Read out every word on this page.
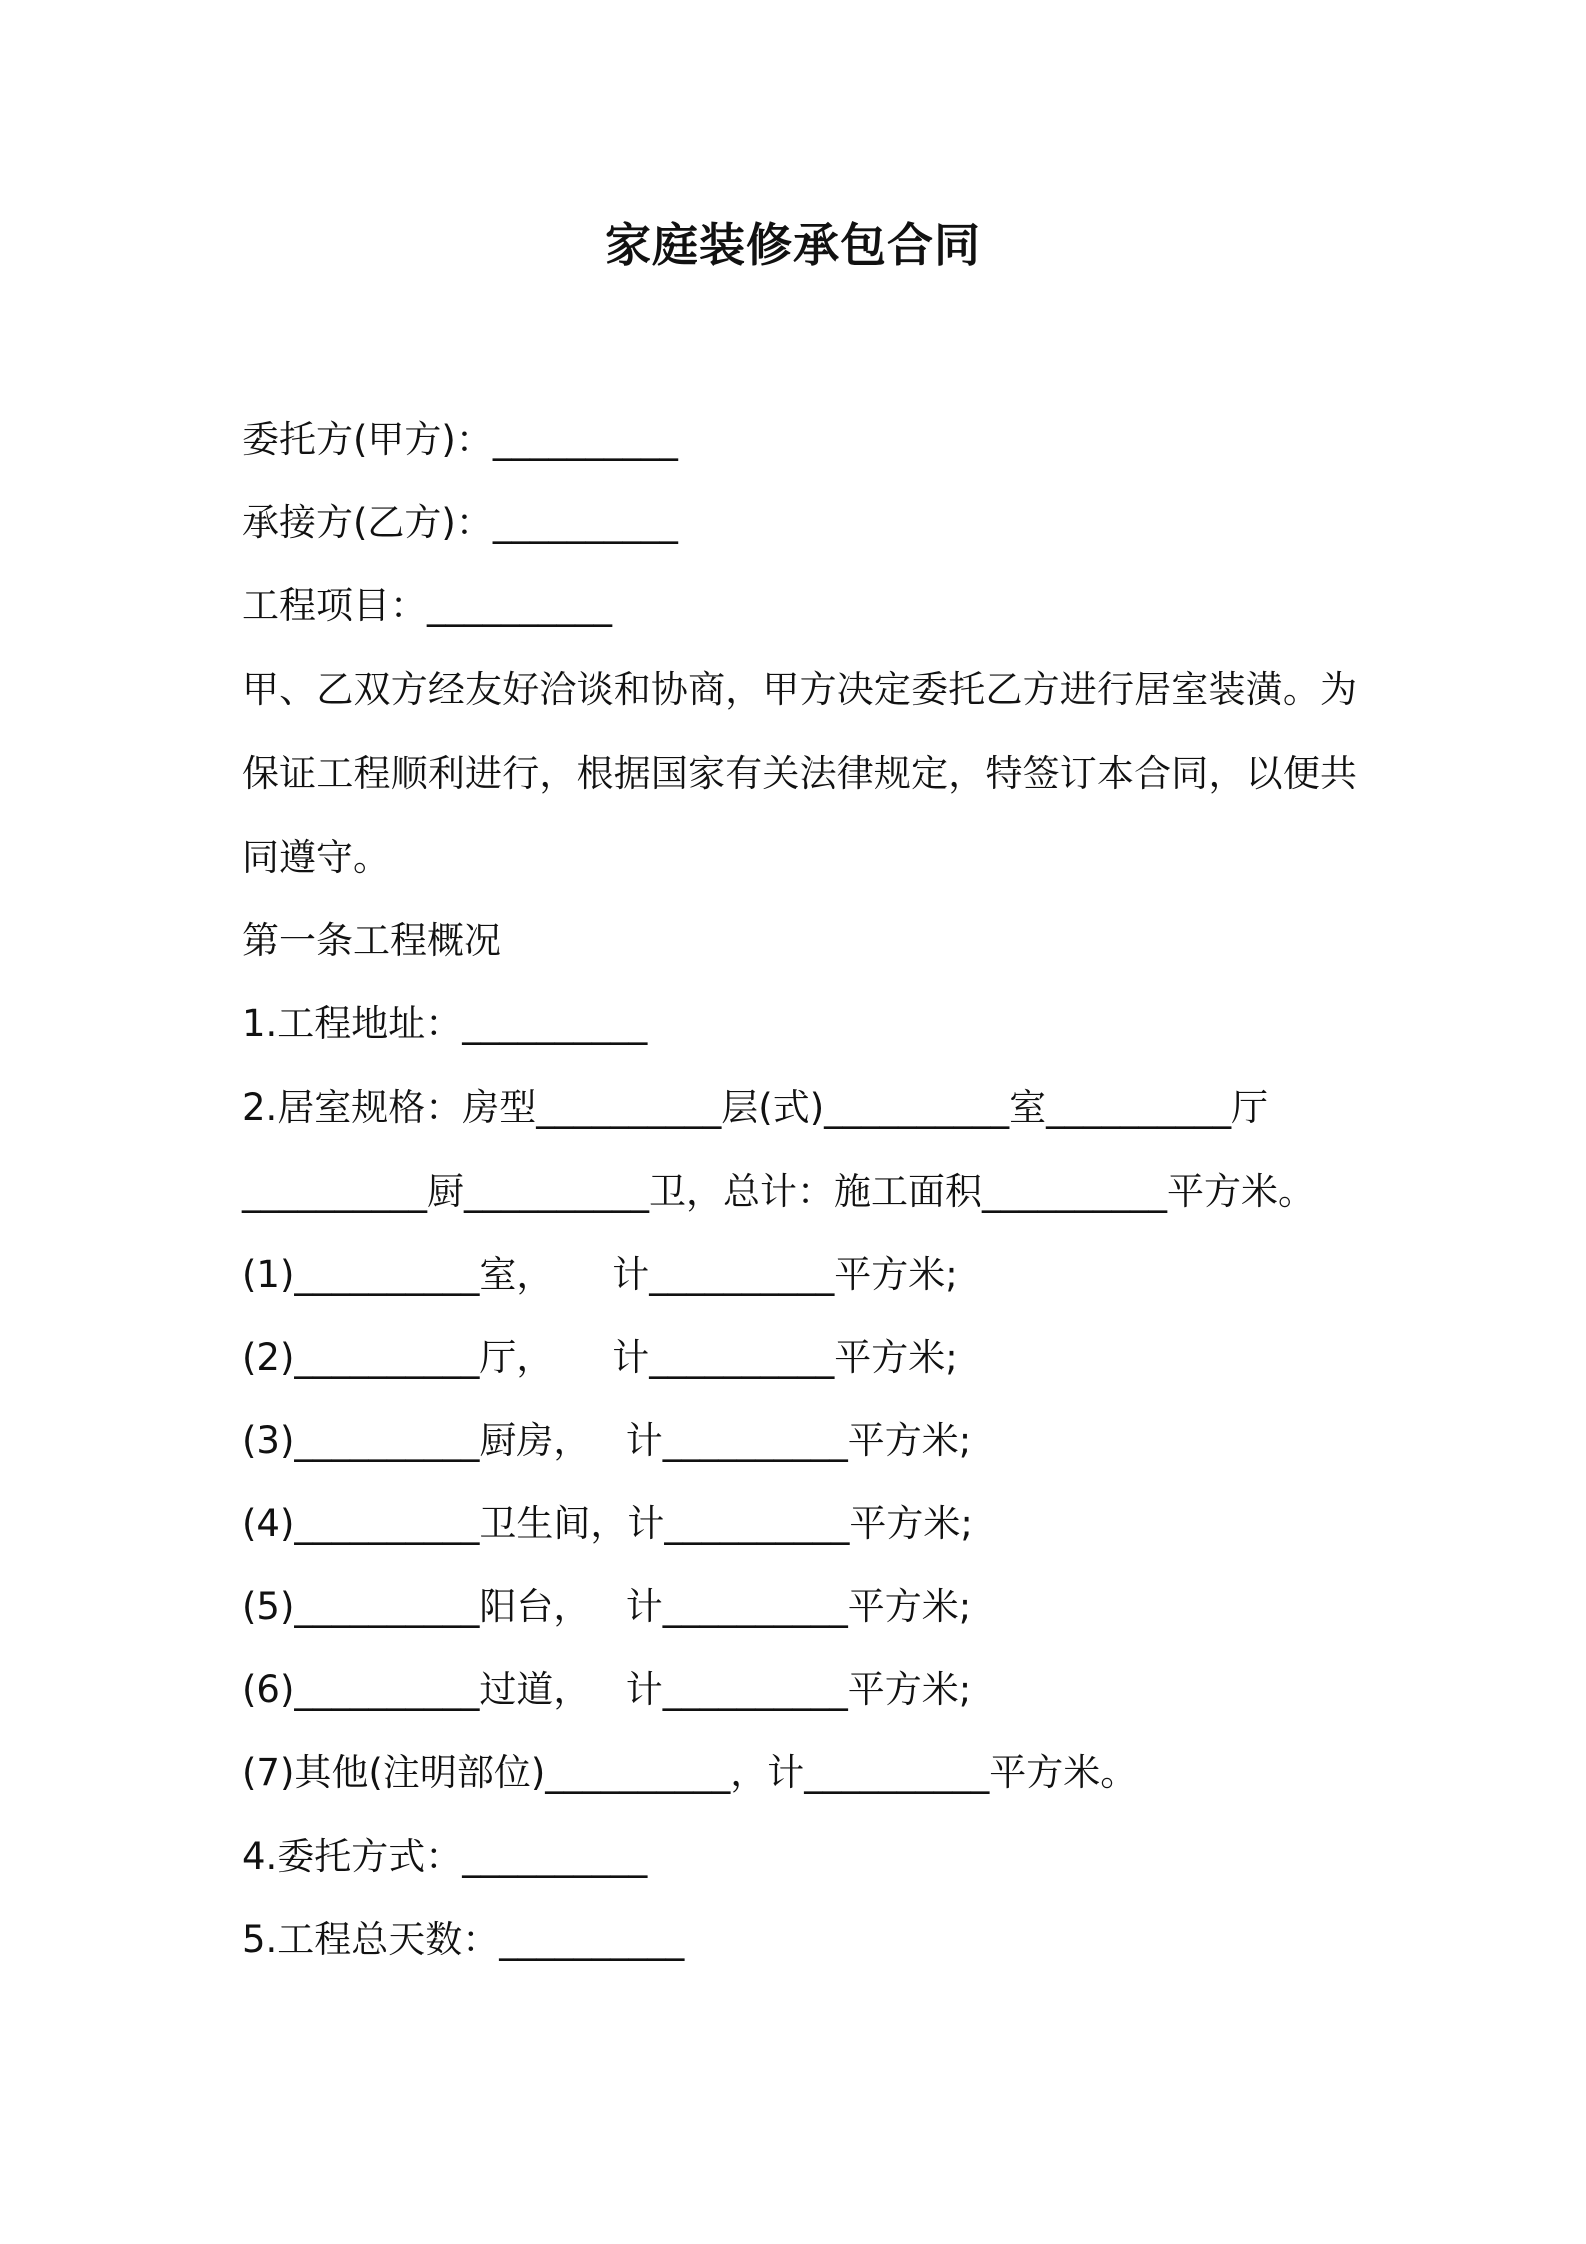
家庭装修承包合同
委托方(甲方)：__________
承接方(乙方)：__________
工程项目：__________
甲、乙双方经友好洽谈和协商，甲方决定委托乙方进行居室装潢。为保证工程顺利进行，根据国家有关法律规定，特签订本合同，以便共同遵守。
第一条工程概况
1.工程地址：__________
2.居室规格：房型__________层(式)__________室__________厅
__________厨__________卫，总计：施工面积__________平方米。
(1)__________室，     计__________平方米;
(2)__________厅，     计__________平方米;
(3)__________厨房，   计__________平方米;
(4)__________卫生间，计__________平方米;
(5)__________阳台，   计__________平方米;
(6)__________过道，   计__________平方米;
(7)其他(注明部位)__________，计__________平方米。
4.委托方式：__________
5.工程总天数：__________
